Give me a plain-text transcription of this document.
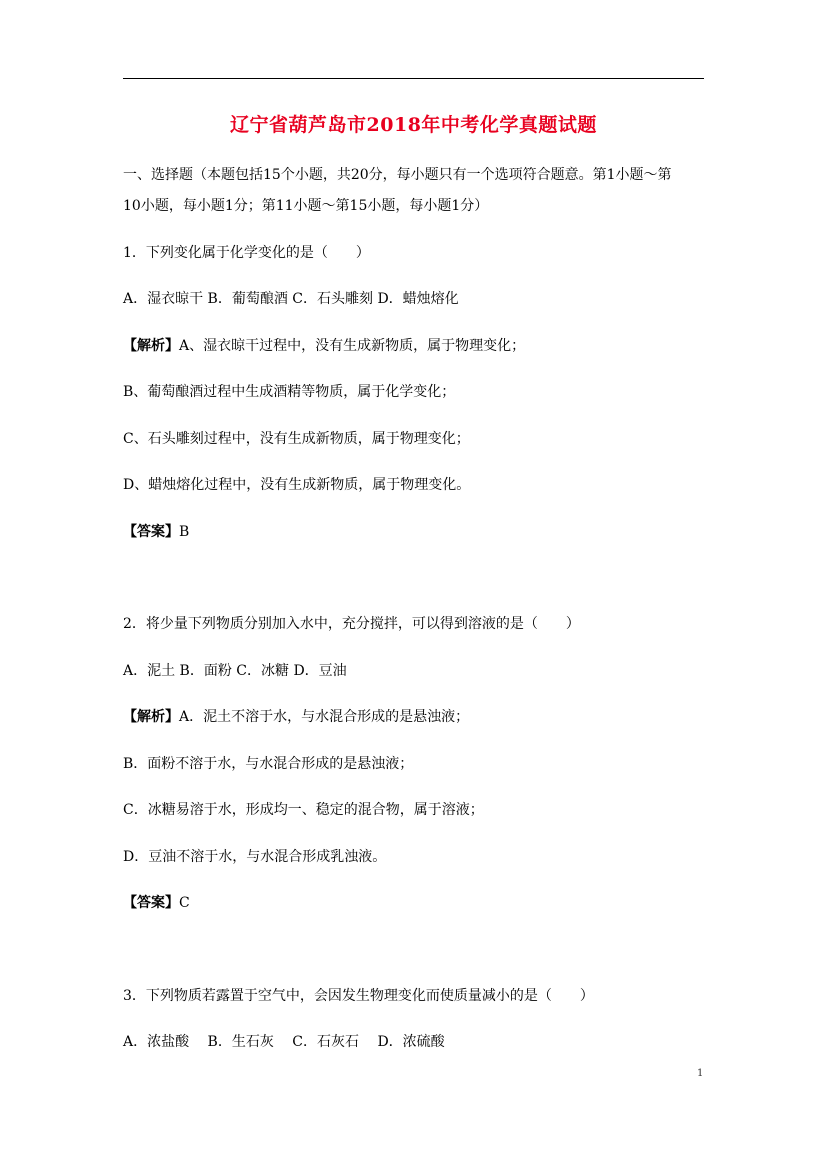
辽宁省葫芦岛市2018年中考化学真题试题
一、选择题（本题包括15个小题，共20分，每小题只有一个选项符合题意。第1小题～第
10小题，每小题1分；第11小题～第15小题，每小题1分）
1．下列变化属于化学变化的是（　　）
A．湿衣晾干 B．葡萄酿酒 C．石头雕刻 D．蜡烛熔化
【解析】A、湿衣晾干过程中，没有生成新物质，属于物理变化；
B、葡萄酿酒过程中生成酒精等物质，属于化学变化；
C、石头雕刻过程中，没有生成新物质，属于物理变化；
D、蜡烛熔化过程中，没有生成新物质，属于物理变化。
【答案】B
2．将少量下列物质分别加入水中，充分搅拌，可以得到溶液的是（　　）
A．泥土 B．面粉 C．冰糖 D．豆油
【解析】A．泥土不溶于水，与水混合形成的是悬浊液；
B．面粉不溶于水，与水混合形成的是悬浊液；
C．冰糖易溶于水，形成均一、稳定的混合物，属于溶液；
D．豆油不溶于水，与水混合形成乳浊液。
【答案】C
3．下列物质若露置于空气中，会因发生物理变化而使质量减小的是（　　）
A．浓盐酸　 B．生石灰　 C．石灰石　 D．浓硫酸
1
